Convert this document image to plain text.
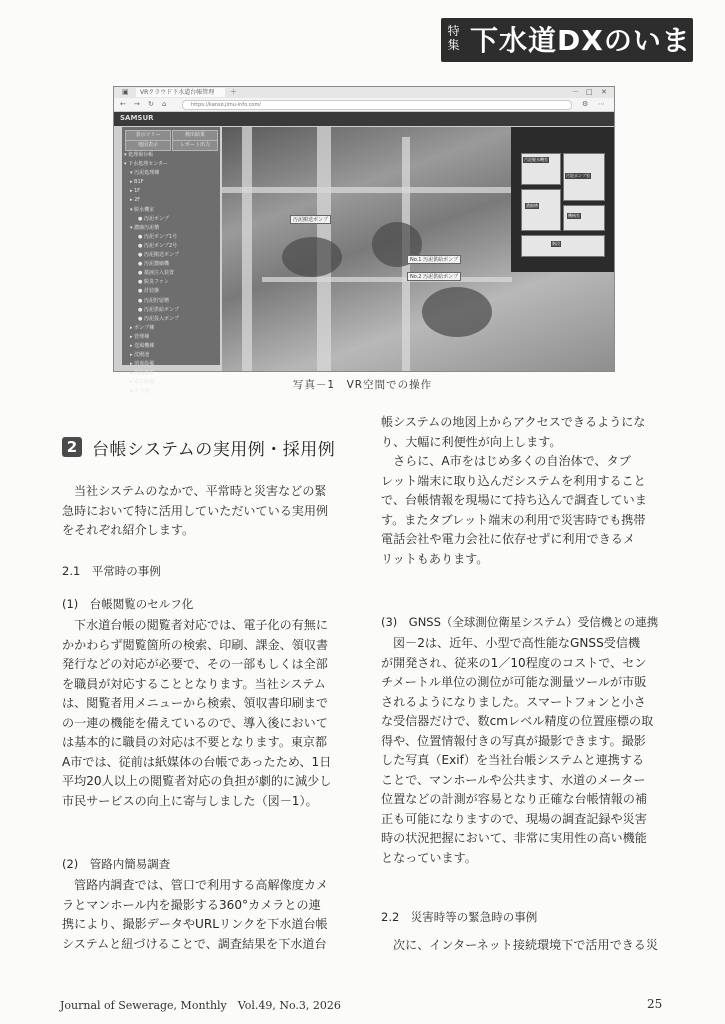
特集 下水道DXのいま
VRクラウド下水道台帳管理
▣	＋	－ □ ✕
← → ↻ ⌂	https://kanso.jimu-info.com/	⚙ ⋯
SAMSUR
表示ツリー	検出結果
地図表示	レポート出力
▾ 処理場台帳
▾ 下水処理センター
▾ 汚泥処理棟
▸ B1F
▸ 1F
▸ 2F
▾ 脱水機室
● 汚泥ポンプ
▾ 濃縮汚泥槽
● 汚泥ポンプ1号
● 汚泥ポンプ2号
● 汚泥搬送ポンプ
● 汚泥濃縮機
● 薬液注入装置
● 脱臭ファン
● 計装盤
● 汚泥貯留槽
● 汚泥供給ポンプ
● 汚泥投入ポンプ
▸ ポンプ棟
▸ 管理棟
▸ 送風機棟
▸ 沈殿池
▸ 消毒設備
▸ 放流施設
▸ 電気設備
▸ その他
汚泥搬送ポンプ
No.1 汚泥供給ポンプ
No.2 汚泥供給ポンプ
汚泥脱水機室
汚泥ポンプ室
濃縮槽
機械室
階段
写真－1　VR空間での操作
2 台帳システムの実用例・採用例
当社システムのなかで、平常時と災害などの緊
急時において特に活用していただいている実用例
をそれぞれ紹介します。
2.1　平常時の事例
(1)　台帳閲覧のセルフ化
下水道台帳の閲覧者対応では、電子化の有無に
かかわらず閲覧箇所の検索、印刷、課金、領収書
発行などの対応が必要で、その一部もしくは全部
を職員が対応することとなります。当社システム
は、閲覧者用メニューから検索、領収書印刷まで
の一連の機能を備えているので、導入後において
は基本的に職員の対応は不要となります。東京都
A市では、従前は紙媒体の台帳であったため、1日
平均20人以上の閲覧者対応の負担が劇的に減少し
市民サービスの向上に寄与しました（図－1）。
(2)　管路内簡易調査
管路内調査では、管口で利用する高解像度カメ
ラとマンホール内を撮影する360°カメラとの連
携により、撮影データやURLリンクを下水道台帳
システムと紐づけることで、調査結果を下水道台
帳システムの地図上からアクセスできるようにな
り、大幅に利便性が向上します。
さらに、A市をはじめ多くの自治体で、タブ
レット端末に取り込んだシステムを利用すること
で、台帳情報を現場にて持ち込んで調査していま
す。またタブレット端末の利用で災害時でも携帯
電話会社や電力会社に依存せずに利用できるメ
リットもあります。
(3)　GNSS（全球測位衛星システム）受信機との連携
図－2は、近年、小型で高性能なGNSS受信機
が開発され、従来の1／10程度のコストで、セン
チメートル単位の測位が可能な測量ツールが市販
されるようになりました。スマートフォンと小さ
な受信器だけで、数cmレベル精度の位置座標の取
得や、位置情報付きの写真が撮影できます。撮影
した写真（Exif）を当社台帳システムと連携する
ことで、マンホールや公共ます、水道のメーター
位置などの計測が容易となり正確な台帳情報の補
正も可能になりますので、現場の調査記録や災害
時の状況把握において、非常に実用性の高い機能
となっています。
2.2　災害時等の緊急時の事例
次に、インターネット接続環境下で活用できる災
Journal of Sewerage, Monthly　Vol.49, No.3, 2026	25
